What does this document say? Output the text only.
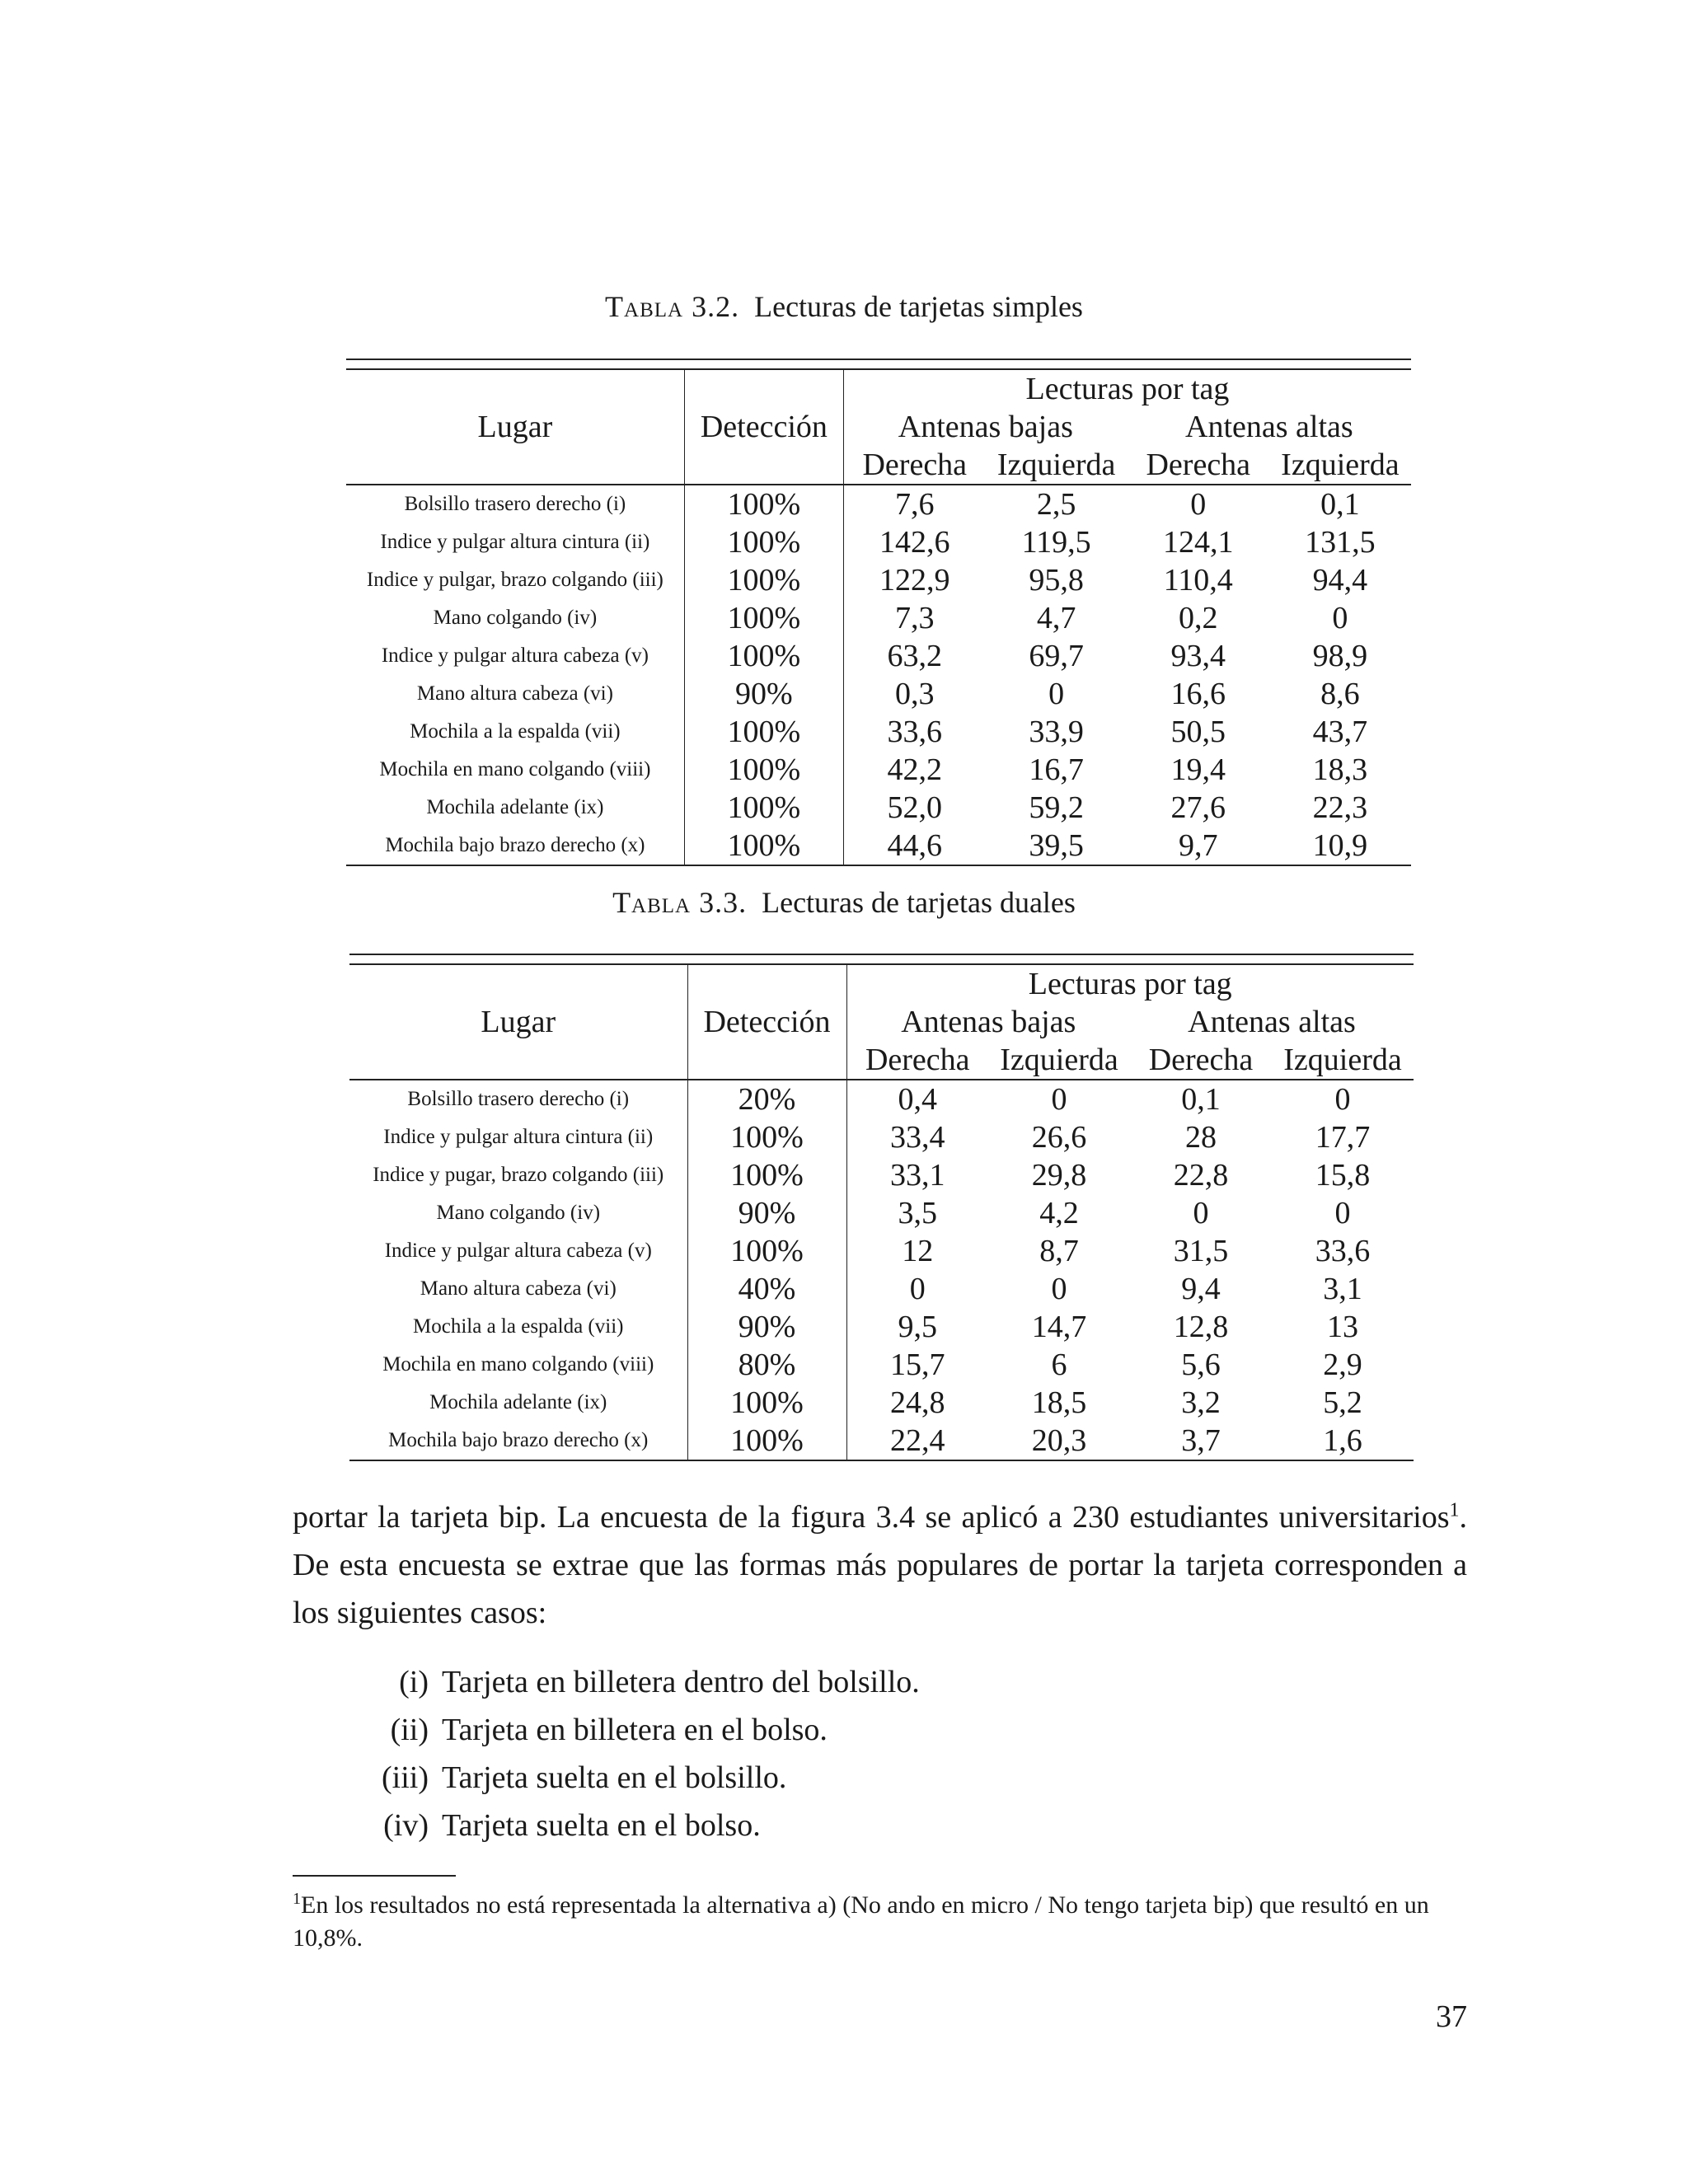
Tabla 3.2. Lecturas de tarjetas simples

Lugar	Detección	Lecturas por tag			
		Antenas bajas		Antenas altas	
		Derecha	Izquierda	Derecha	Izquierda
Bolsillo trasero derecho (i)	100%	7,6	2,5	0	0,1
Indice y pulgar altura cintura (ii)	100%	142,6	119,5	124,1	131,5
Indice y pulgar, brazo colgando (iii)	100%	122,9	95,8	110,4	94,4
Mano colgando (iv)	100%	7,3	4,7	0,2	0
Indice y pulgar altura cabeza (v)	100%	63,2	69,7	93,4	98,9
Mano altura cabeza (vi)	90%	0,3	0	16,6	8,6
Mochila a la espalda (vii)	100%	33,6	33,9	50,5	43,7
Mochila en mano colgando (viii)	100%	42,2	16,7	19,4	18,3
Mochila adelante (ix)	100%	52,0	59,2	27,6	22,3
Mochila bajo brazo derecho (x)	100%	44,6	39,5	9,7	10,9
Tabla 3.3. Lecturas de tarjetas duales

Lugar	Detección	Lecturas por tag			
		Antenas bajas		Antenas altas	
		Derecha	Izquierda	Derecha	Izquierda
Bolsillo trasero derecho (i)	20%	0,4	0	0,1	0
Indice y pulgar altura cintura (ii)	100%	33,4	26,6	28	17,7
Indice y pugar, brazo colgando (iii)	100%	33,1	29,8	22,8	15,8
Mano colgando (iv)	90%	3,5	4,2	0	0
Indice y pulgar altura cabeza (v)	100%	12	8,7	31,5	33,6
Mano altura cabeza (vi)	40%	0	0	9,4	3,1
Mochila a la espalda (vii)	90%	9,5	14,7	12,8	13
Mochila en mano colgando (viii)	80%	15,7	6	5,6	2,9
Mochila adelante (ix)	100%	24,8	18,5	3,2	5,2
Mochila bajo brazo derecho (x)	100%	22,4	20,3	3,7	1,6
portar la tarjeta bip. La encuesta de la figura 3.4 se aplicó a 230 estudiantes universitarios$^1$. De esta encuesta se extrae que las formas más populares de portar la tarjeta corresponden a los siguientes casos:
(i) Tarjeta en billetera dentro del bolsillo.
(ii) Tarjeta en billetera en el bolso.
(iii) Tarjeta suelta en el bolsillo.
(iv) Tarjeta suelta en el bolso.
$^1$En los resultados no está representada la alternativa a) (No ando en micro / No tengo tarjeta bip) que resultó en un 10,8%.
37
